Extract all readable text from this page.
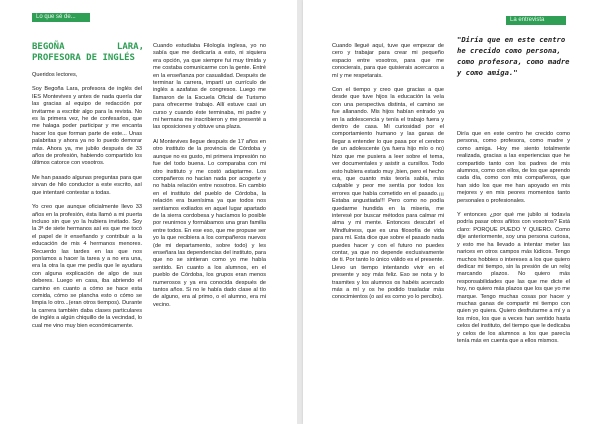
Lo que sé de...	La entrevista
BEGOÑA LARA, PROFESORA DE INGLÉS

Queridos lectores,

Soy Begoña Lara, profesora de inglés del IES Montevives y antes de nada quería dar las gracias al equipo de redacción por invitarme a escribir algo para la revista. No es la primera vez, he de confesarlos, que me halaga poder participar y me encanta hacer los que forman parte de este... Unas palabritas y ahora ya no lo puedo demorar más. Ahora ya, me jubilo después de 33 años de profesión, habiendo compartido los últimos catorce con vosotros.

Me han pasado algunas preguntas para que sirvan de hilo conductor a este escrito, así que intentaré contestar a todas.

Yo creo que aunque oficialmente llevo 33 años en la profesión, ésta llamó a mi puerta incluso sin que yo la hubiera invitado. Soy la 3ª de siete hermanos así es que me tocó el papel de ir enseñando y contribuir a la educación de mis 4 hermanos menores. Recuerdo las tardes en las que nos poníamos a hacer la tarea y a no era una, era la otra la que me pedía que le ayudara con alguna explicación de algo de sus deberes. Luego en casa, iba abriendo el camino en cuanto a cómo se hace esta comida, cómo se plancha esto o cómo se limpia lo otro...(eran otros tiempos). Durante la carrera también daba clases particulares de inglés a algún chiquillo de la vecindad, lo cual me vino muy bien económicamente.

Cuando estudiaba Filología inglesa, yo no sabía que me dedicaría a esto, ni siquiera era opción, ya que siempre fui muy tímida y me costaba comunicarme con la gente. Entré en la enseñanza por casualidad. Después de terminar la carrera, impartí un currículo de inglés a azafatas de congresos. Luego me llamaron de la Escuela Oficial de Turismo para ofrecerme trabajo. Allí estuve casi un curso y cuando éste terminaba, mi padre y mi hermana me inscribieron y me presenté a las oposiciones y obtuve una plaza.

Al Montevives llegue después de 17 años en otro instituto de la provincia de Córdoba y aunque no es gusto, mi primera impresión no fue del todo buena. Lo comparaba con mi otro instituto y me costó adaptarme. Los compañeros no hacían nada por acogerte y no había relación entre nosotros. En cambio en el instituto del pueblo de Córdoba, la relación era buenísima ya que todos nos sentíamos exiliados en aquel lugar apartado de la sierra cordobesa y hacíamos lo posible por reunirnos y formábamos una gran familia entre todos. En ese eso, que me propuse ser yo la que recibiera a los compañeros nuevos (de mi departamento, sobre todo) y les enseñara las dependencias del instituto, para que no se sintieran como yo me había sentido. En cuanto a los alumnos, en el pueblo de Córdoba, los grupos eran menos numerosos y ya era conocida después de tantos años. Si no le había dado clase al tío de alguno, era al primo, o el alumno, era mi vecino.

Cuando llegué aquí, tuve que empezar de cero y trabajar para crear mi pequeño espacio entre vosotros, para que me conocierais, para que quisierais acercaros a mí y me respetarais.

Con el tiempo y creo que gracias a que desde que tuve hijos la educación la veía con una perspectiva distinta, el camino se fue allanando. Mis hijos habían entrado ya en la adolescencia y tenía el trabajo fuera y dentro de casa. Mi curiosidad por el comportamiento humano y las ganas de llegar a entender lo que pasa por el cerebro de un adolescente (ya fuera hijo mío o no) hizo que me pusiera a leer sobre el tema, ver documentales y asistir a cursillos. Todo esto hubiera estado muy ,bien, pero el hecho era, que cuanto más teoría sabía, más culpable y peor me sentía por todos los errores que había cometido en el pasado.¡¡¡ Estaba angustiada!!! Pero como no podía quedarme hundida en la miseria, me interesé por buscar métodos para calmar mi alma y mi mente. Entonces descubrí el Mindfulness, que es una filosofía de vida para mí. Esta dice que sobre el pasado nada puedes hacer y con el futuro no puedes contar, ya que no depende exclusivamente de ti. Por tanto lo único válido es el presente. Llevo un tiempo intentando vivir en el presente y soy más feliz. Eso se nota y lo trasmites y los alumnos os habéis acercado más a mí y os he podido trasladar más conocimientos (o así es como yo lo percibo).

"Diría que en este centro he crecido como persona, como profesora, como madre y como amiga."

Diría que en este centro he crecido como persona, como profesora, como madre y como amiga. Hoy me siento totalmente realizada, gracias a las experiencias que he compartido tanto con los padres de mis alumnos, como con ellos, de los que aprendo cada día, como con mis compañeros, que han sido los que me han apoyado en mis mejores y en mis peores momentos tanto personales o profesionales.

Y entonces ¿por qué me jubilo si todavía podría pasar otros añitos con vosotros? Está claro: PORQUE PUEDO Y QUIERO. Como dije anteriormente, soy una persona curiosa, y esto me ha llevado a intentar meter las narices en otros campos más lúdicos. Tengo muchos hobbies o intereses a los que quiero dedicar mi tiempo, sin la presión de un reloj marcando plazos. No quiero más responsabilidades que las que me dicte el hoy, no quiero más plazos que los que yo me marque. Tengo muchas cosas por hacer y muchas ganas de compartir mi tiempo con quien yo quiera. Quiero desfrutarme a mí y a los míos, los que a veces han sentido hasta celos del instituto, del tiempo que le dedicaba y celos de los alumnos a los que parecía tenía más en cuenta que a ellos mismos.
